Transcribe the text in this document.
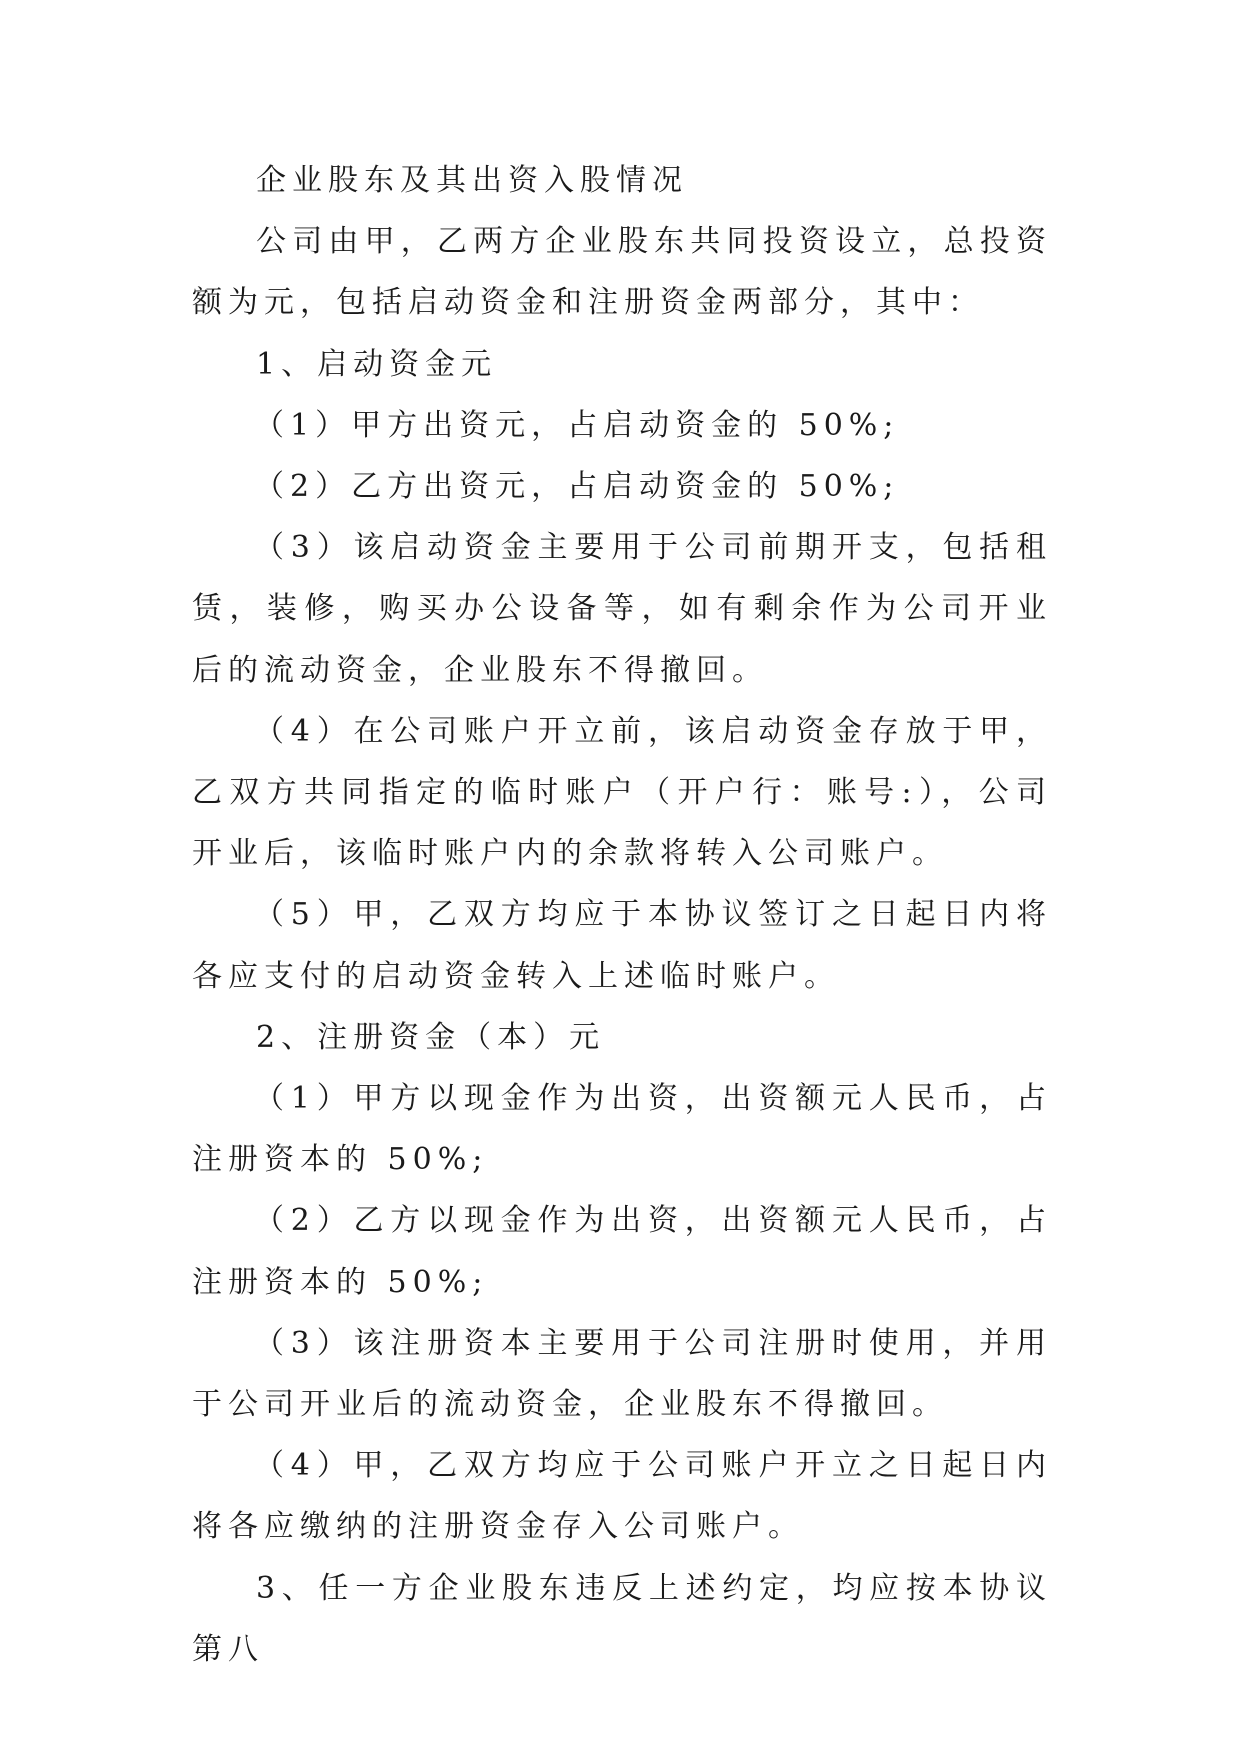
企业股东及其出资入股情况

公司由甲，乙两方企业股东共同投资设立，总投资额为元，包括启动资金和注册资金两部分，其中：

1、启动资金元

（1）甲方出资元，占启动资金的 50%;

（2）乙方出资元，占启动资金的 50%;

（3）该启动资金主要用于公司前期开支，包括租赁，装修，购买办公设备等，如有剩余作为公司开业后的流动资金，企业股东不得撤回。

（4）在公司账户开立前，该启动资金存放于甲，乙双方共同指定的临时账户（开户行：账号:），公司开业后，该临时账户内的余款将转入公司账户。

（5）甲，乙双方均应于本协议签订之日起日内将各应支付的启动资金转入上述临时账户。

2、注册资金（本）元

（1）甲方以现金作为出资，出资额元人民币，占注册资本的 50%;

（2）乙方以现金作为出资，出资额元人民币，占注册资本的 50%;

（3）该注册资本主要用于公司注册时使用，并用于公司开业后的流动资金，企业股东不得撤回。

（4）甲，乙双方均应于公司账户开立之日起日内将各应缴纳的注册资金存入公司账户。

3、任一方企业股东违反上述约定，均应按本协议第八
